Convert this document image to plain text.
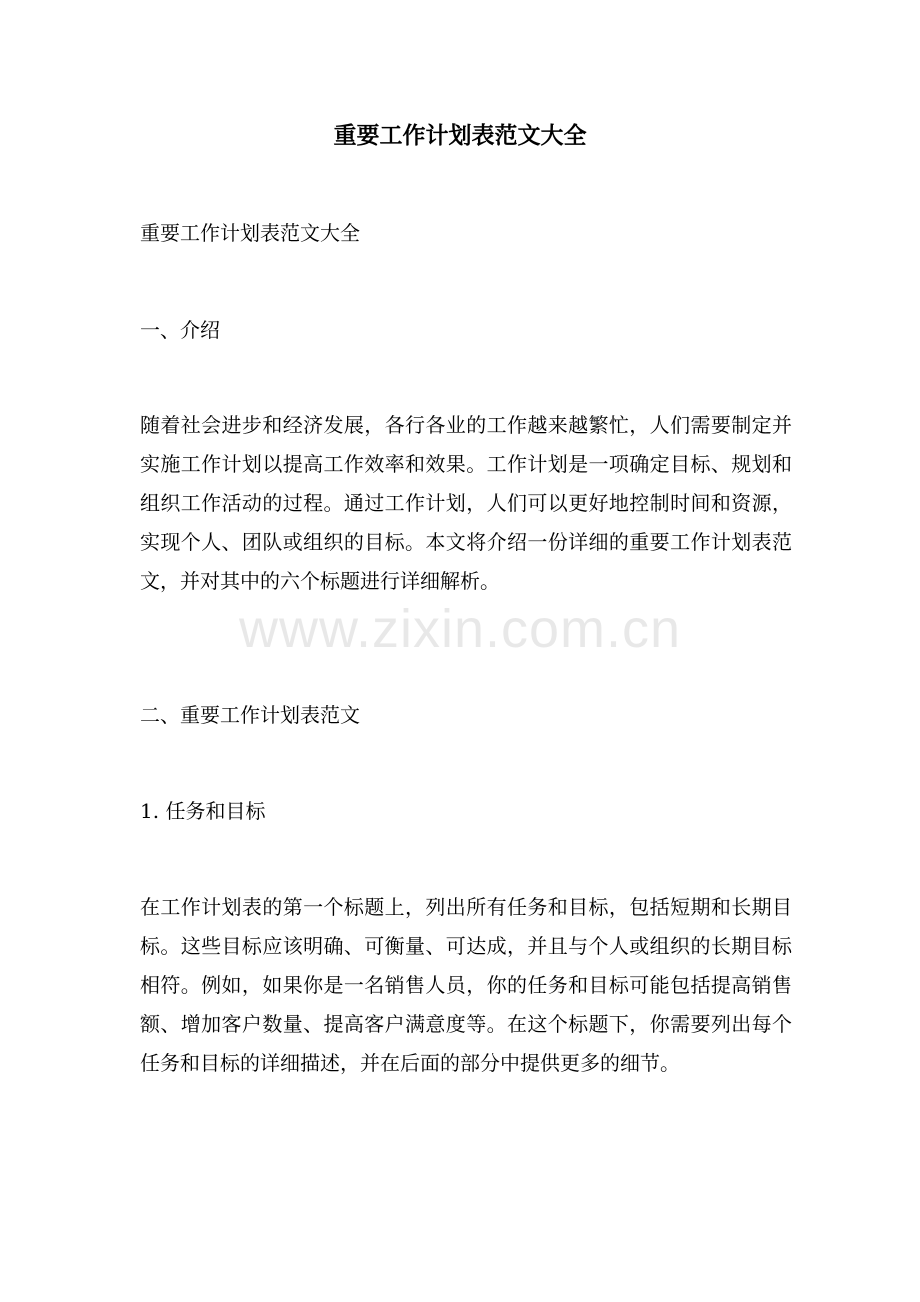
重要工作计划表范文大全

重要工作计划表范文大全

一、介绍

随着社会进步和经济发展，各行各业的工作越来越繁忙，人们需要制定并实施工作计划以提高工作效率和效果。工作计划是一项确定目标、规划和组织工作活动的过程。通过工作计划，人们可以更好地控制时间和资源，实现个人、团队或组织的目标。本文将介绍一份详细的重要工作计划表范文，并对其中的六个标题进行详细解析。

www.zixin.com.cn

二、重要工作计划表范文

1. 任务和目标

在工作计划表的第一个标题上，列出所有任务和目标，包括短期和长期目标。这些目标应该明确、可衡量、可达成，并且与个人或组织的长期目标相符。例如，如果你是一名销售人员，你的任务和目标可能包括提高销售额、增加客户数量、提高客户满意度等。在这个标题下，你需要列出每个任务和目标的详细描述，并在后面的部分中提供更多的细节。
